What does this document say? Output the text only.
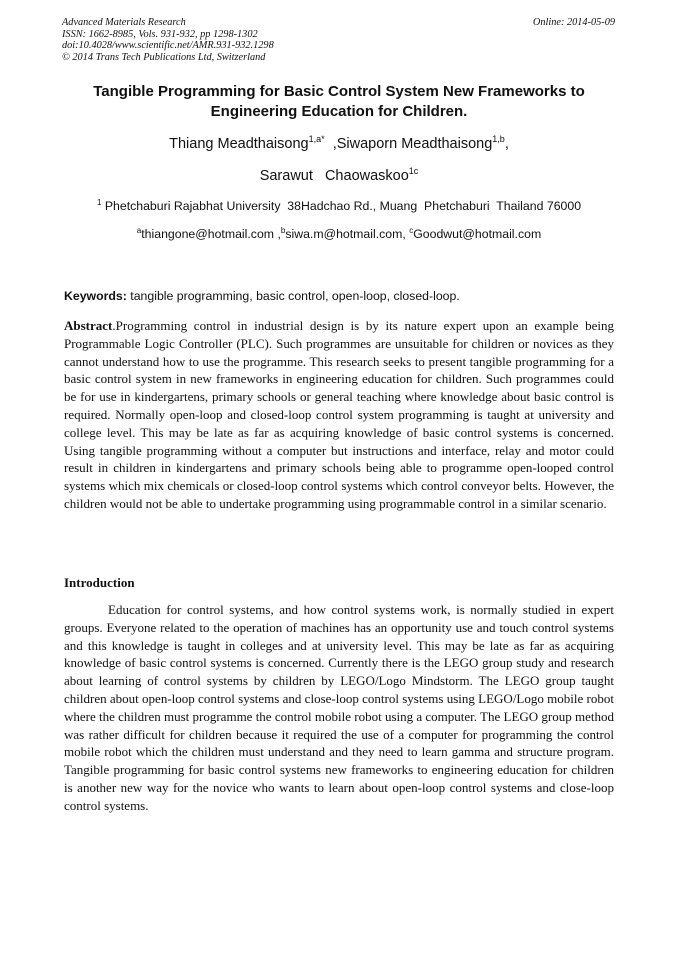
Advanced Materials Research
ISSN: 1662-8985, Vols. 931-932, pp 1298-1302
doi:10.4028/www.scientific.net/AMR.931-932.1298
© 2014 Trans Tech Publications Ltd, Switzerland
Online: 2014-05-09
Tangible Programming for Basic Control System New Frameworks to
Engineering Education for Children.
Thiang Meadthaisong$^{1,a*}$ ,Siwaporn Meadthaisong$^{1,b}$,
Sarawut   Chaowaskoo$^{1c}$
$^1$ Phetchaburi Rajabhat University  38Hadchao Rd., Muang  Phetchaburi  Thailand 76000
$^a$thiangone@hotmail.com ,$^b$siwa.m@hotmail.com, $^c$Goodwut@hotmail.com
Keywords: tangible programming, basic control, open-loop, closed-loop.
Abstract.Programming control in industrial design is by its nature expert upon an example being Programmable Logic Controller (PLC). Such programmes are unsuitable for children or novices as they cannot understand how to use the programme. This research seeks to present tangible programming for a basic control system in new frameworks in engineering education for children. Such programmes could be for use in kindergartens, primary schools or general teaching where knowledge about basic control is required. Normally open-loop and closed-loop control system programming is taught at university and college level. This may be late as far as acquiring knowledge of basic control systems is concerned. Using tangible programming without a computer but instructions and interface, relay and motor could result in children in kindergartens and primary schools being able to programme open-looped control systems which mix chemicals or closed-loop control systems which control conveyor belts. However, the children would not be able to undertake programming using programmable control in a similar scenario.
Introduction
Education for control systems, and how control systems work, is normally studied in expert groups. Everyone related to the operation of machines has an opportunity use and touch control systems and this knowledge is taught in colleges and at university level. This may be late as far as acquiring knowledge of basic control systems is concerned. Currently there is the LEGO group study and research about learning of control systems by children by LEGO/Logo Mindstorm. The LEGO group taught children about open-loop control systems and close-loop control systems using LEGO/Logo mobile robot where the children must programme the control mobile robot using a computer. The LEGO group method was rather difficult for children because it required the use of a computer for programming the control mobile robot which the children must understand and they need to learn gamma and structure program. Tangible programming for basic control systems new frameworks to engineering education for children is another new way for the novice who wants to learn about open-loop control systems and close-loop control systems.
